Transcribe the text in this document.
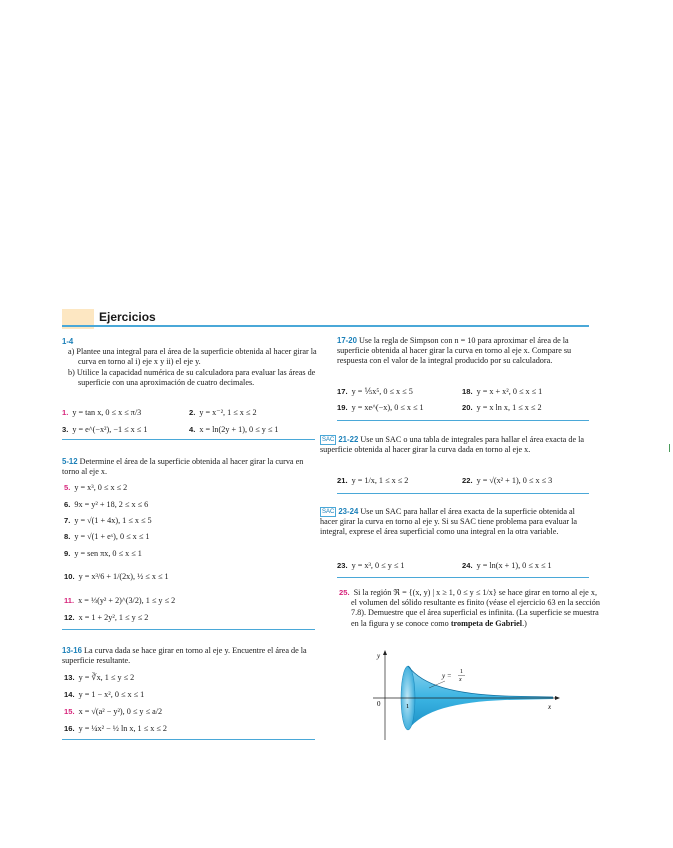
Ejercicios
1-4
a) Plantee una integral para el área de la superficie obtenida al hacer girar la curva en torno al i) eje x y ii) el eje y.
b) Utilice la capacidad numérica de su calculadora para evaluar las áreas de superficie con una aproximación de cuatro decimales.
1. y = tan x, 0 ≤ x ≤ π/3	2. y = x⁻², 1 ≤ x ≤ 2
3. y = e^(−x²), −1 ≤ x ≤ 1	4. x = ln(2y + 1), 0 ≤ y ≤ 1
5-12 Determine el área de la superficie obtenida al hacer girar la curva en torno al eje x.
5. y = x³, 0 ≤ x ≤ 2
6. 9x = y² + 18, 2 ≤ x ≤ 6
7. y = √(1 + 4x), 1 ≤ x ≤ 5
8. y = √(1 + eˣ), 0 ≤ x ≤ 1
9. y = sen πx, 0 ≤ x ≤ 1
10. y = x³/6 + 1/(2x), ½ ≤ x ≤ 1
11. x = ⅓(y² + 2)^(3/2), 1 ≤ y ≤ 2
12. x = 1 + 2y², 1 ≤ y ≤ 2
13-16 La curva dada se hace girar en torno al eje y. Encuentre el área de la superficie resultante.
13. y = ∛x, 1 ≤ y ≤ 2
14. y = 1 − x², 0 ≤ x ≤ 1
15. x = √(a² − y²), 0 ≤ y ≤ a/2
16. y = ¼x² − ½ ln x, 1 ≤ x ≤ 2
17-20 Use la regla de Simpson con n = 10 para aproximar el área de la superficie obtenida al hacer girar la curva en torno al eje x. Compare su respuesta con el valor de la integral producido por su calculadora.
17. y = ⅕x⁵, 0 ≤ x ≤ 5	18. y = x + x², 0 ≤ x ≤ 1
19. y = xe^(−x), 0 ≤ x ≤ 1	20. y = x ln x, 1 ≤ x ≤ 2
SAC 21-22 Use un SAC o una tabla de integrales para hallar el área exacta de la superficie obtenida al hacer girar la curva dada en torno al eje x.
21. y = 1/x, 1 ≤ x ≤ 2	22. y = √(x² + 1), 0 ≤ x ≤ 3
SAC 23-24 Use un SAC para hallar el área exacta de la superficie obtenida al hacer girar la curva en torno al eje y. Si su SAC tiene problema para evaluar la integral, exprese el área superficial como una integral en la otra variable.
23. y = x³, 0 ≤ y ≤ 1	24. y = ln(x + 1), 0 ≤ x ≤ 1
25. Si la región ℜ = {(x, y) | x ≥ 1, 0 ≤ y ≤ 1/x} se hace girar en torno al eje x, el volumen del sólido resultante es finito (véase el ejercicio 63 en la sección 7.8). Demuestre que el área superficial es infinita. (La superficie se muestra en la figura y se conoce como trompeta de Gabriel.)
y
x
0	1
y = 1
x
